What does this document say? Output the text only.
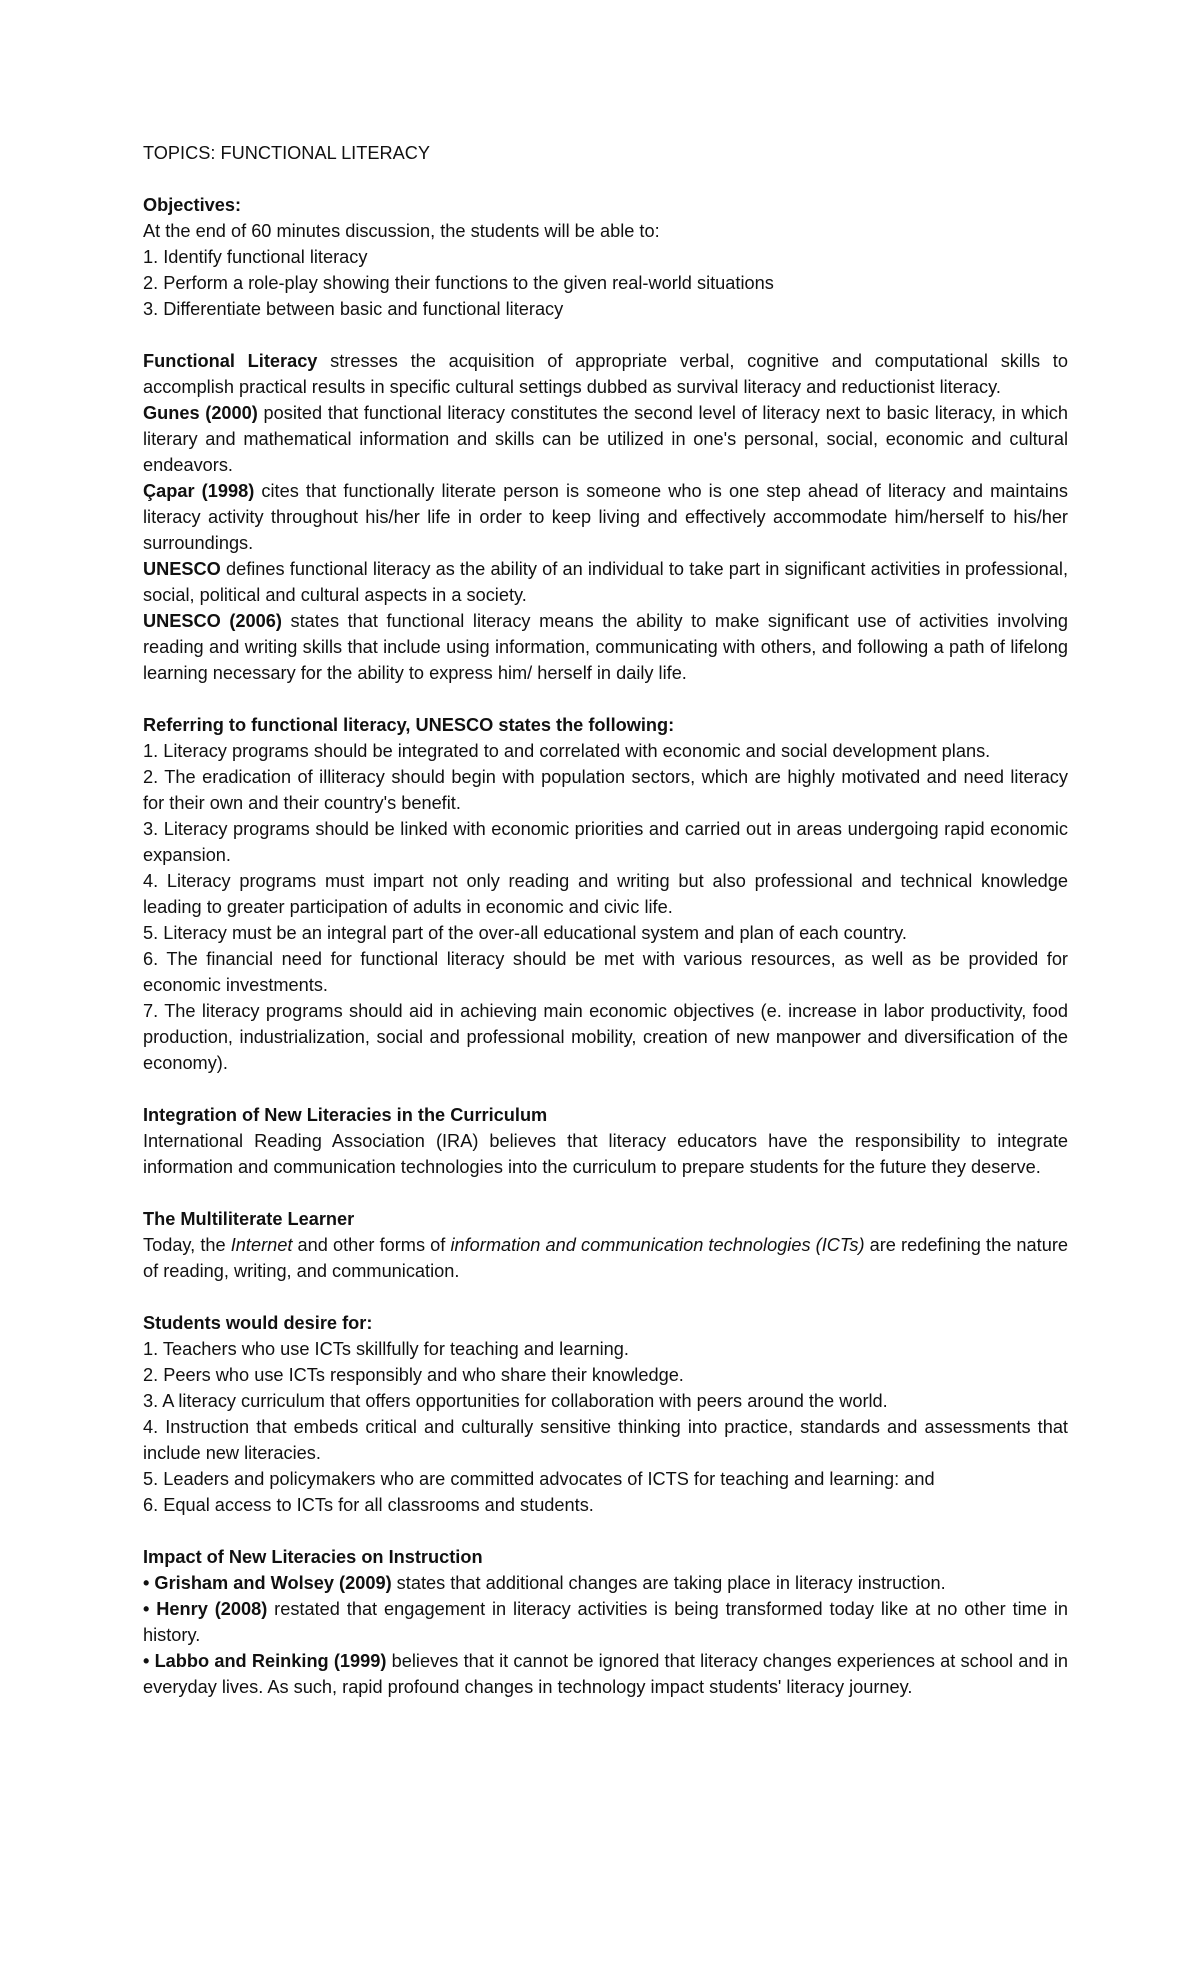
TOPICS: FUNCTIONAL LITERACY

Objectives:

At the end of 60 minutes discussion, the students will be able to:

1. Identify functional literacy
2. Perform a role-play showing their functions to the given real-world situations
3. Differentiate between basic and functional literacy

Functional Literacy stresses the acquisition of appropriate verbal, cognitive and computational skills to accomplish practical results in specific cultural settings dubbed as survival literacy and reductionist literacy.

Gunes (2000) posited that functional literacy constitutes the second level of literacy next to basic literacy, in which literary and mathematical information and skills can be utilized in one's personal, social, economic and cultural endeavors.

Çapar (1998) cites that functionally literate person is someone who is one step ahead of literacy and maintains literacy activity throughout his/her life in order to keep living and effectively accommodate him/herself to his/her surroundings.

UNESCO defines functional literacy as the ability of an individual to take part in significant activities in professional, social, political and cultural aspects in a society.

UNESCO (2006) states that functional literacy means the ability to make significant use of activities involving reading and writing skills that include using information, communicating with others, and following a path of lifelong learning necessary for the ability to express him/ herself in daily life.

Referring to functional literacy, UNESCO states the following:

1. Literacy programs should be integrated to and correlated with economic and social development plans.
2. The eradication of illiteracy should begin with population sectors, which are highly motivated and need literacy for their own and their country's benefit.
3. Literacy programs should be linked with economic priorities and carried out in areas undergoing rapid economic expansion.
4. Literacy programs must impart not only reading and writing but also professional and technical knowledge leading to greater participation of adults in economic and civic life.
5. Literacy must be an integral part of the over-all educational system and plan of each country.
6. The financial need for functional literacy should be met with various resources, as well as be provided for economic investments.
7. The literacy programs should aid in achieving main economic objectives (e. increase in labor productivity, food production, industrialization, social and professional mobility, creation of new manpower and diversification of the economy).

Integration of New Literacies in the Curriculum

International Reading Association (IRA) believes that literacy educators have the responsibility to integrate information and communication technologies into the curriculum to prepare students for the future they deserve.

The Multiliterate Learner

Today, the Internet and other forms of information and communication technologies (ICTs) are redefining the nature of reading, writing, and communication.

Students would desire for:

1. Teachers who use ICTs skillfully for teaching and learning.
2. Peers who use ICTs responsibly and who share their knowledge.
3. A literacy curriculum that offers opportunities for collaboration with peers around the world.
4. Instruction that embeds critical and culturally sensitive thinking into practice, standards and assessments that include new literacies.
5. Leaders and policymakers who are committed advocates of ICTS for teaching and learning: and
6. Equal access to ICTs for all classrooms and students.

Impact of New Literacies on Instruction

• Grisham and Wolsey (2009) states that additional changes are taking place in literacy instruction.

• Henry (2008) restated that engagement in literacy activities is being transformed today like at no other time in history.

• Labbo and Reinking (1999) believes that it cannot be ignored that literacy changes experiences at school and in everyday lives. As such, rapid profound changes in technology impact students' literacy journey.
